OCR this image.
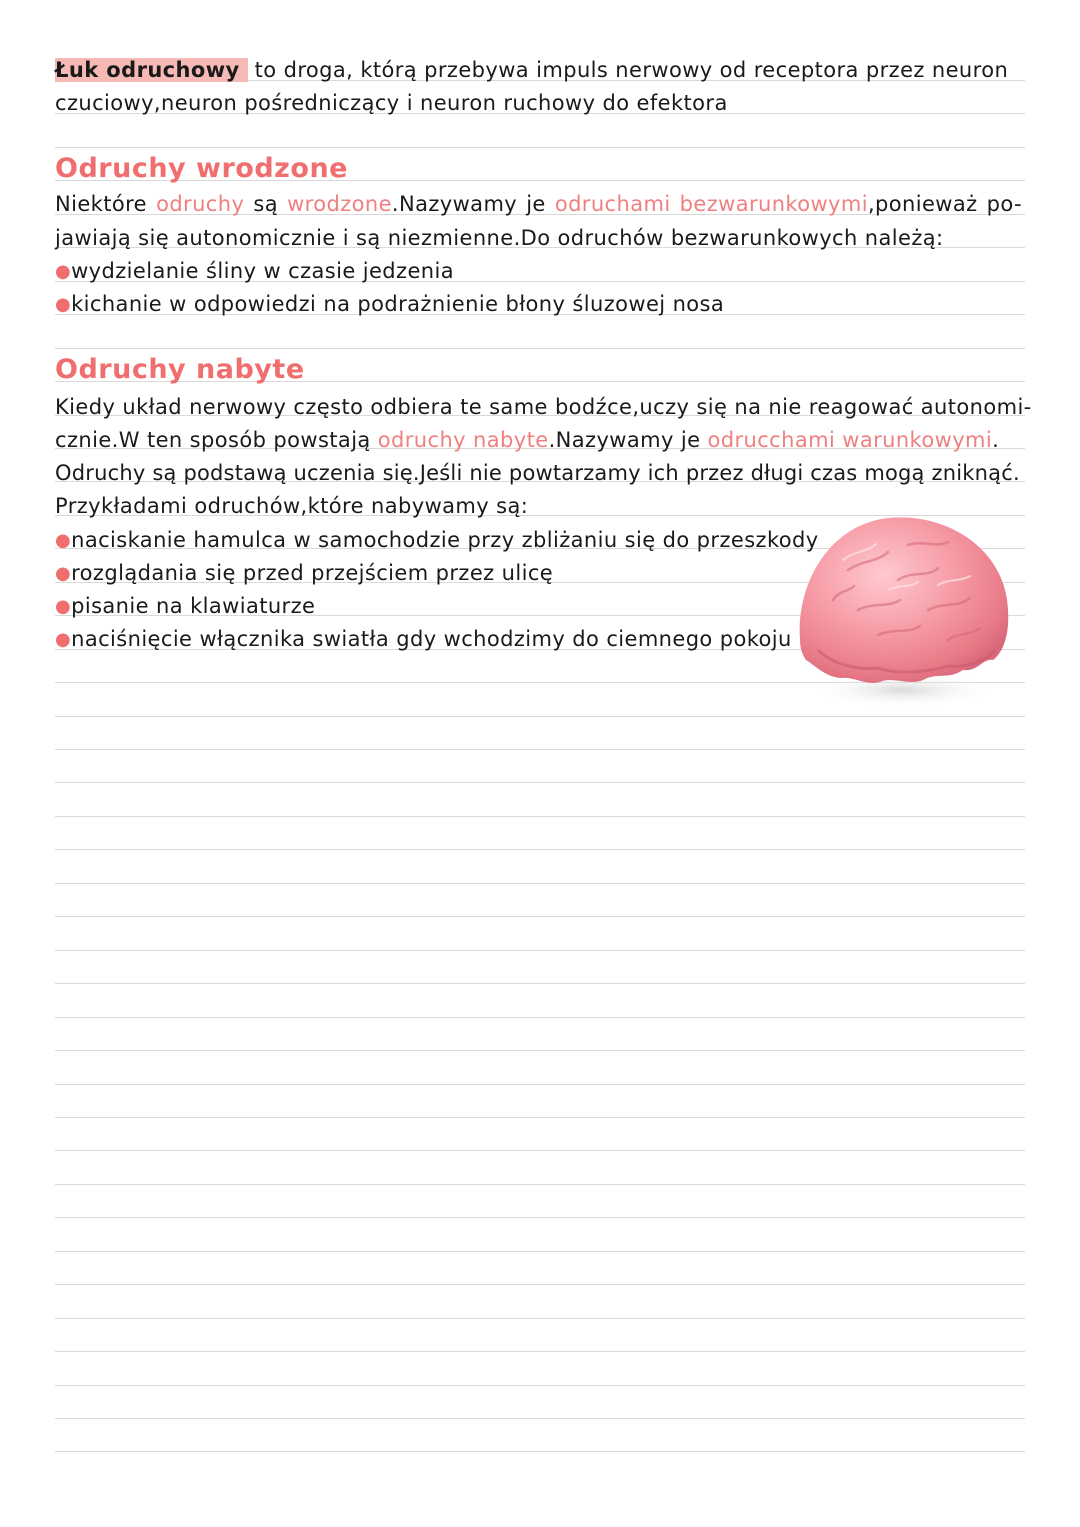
Łuk odruchowy to droga, którą przebywa impuls nerwowy od receptora przez neuron
czuciowy,neuron pośredniczący i neuron ruchowy do efektora
Odruchy wrodzone
Niektóre odruchy są wrodzone.Nazywamy je odruchami bezwarunkowymi,ponieważ po-
jawiają się autonomicznie i są niezmienne.Do odruchów bezwarunkowych należą:
●wydzielanie śliny w czasie jedzenia
●kichanie w odpowiedzi na podrażnienie błony śluzowej nosa
Odruchy nabyte
Kiedy układ nerwowy często odbiera te same bodźce,uczy się na nie reagować autonomi-
cznie.W ten sposób powstają odruchy nabyte.Nazywamy je odrucchami warunkowymi.
Odruchy są podstawą uczenia się.Jeśli nie powtarzamy ich przez długi czas mogą zniknąć.
Przykładami odruchów,które nabywamy są:
●naciskanie hamulca w samochodzie przy zbliżaniu się do przeszkody
●rozglądania się przed przejściem przez ulicę
●pisanie na klawiaturze
●naciśnięcie włącznika swiatła gdy wchodzimy do ciemnego pokoju
